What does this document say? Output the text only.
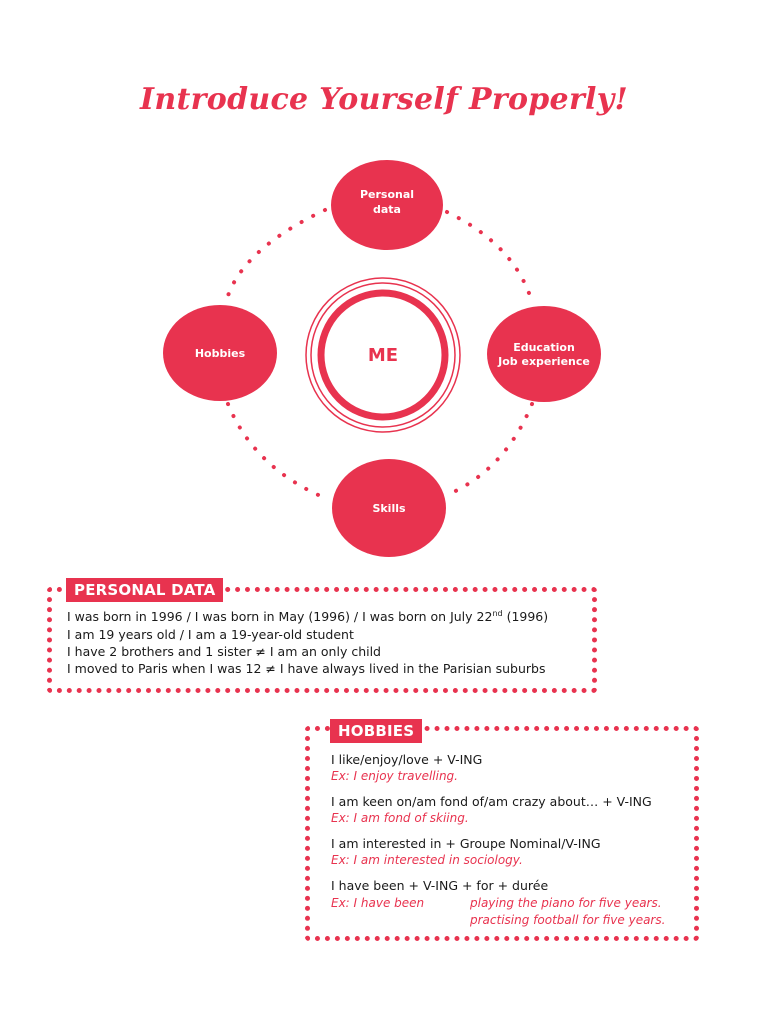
Introduce Yourself Properly!
ME
Personal
data
Hobbies	Education
Job experience
Skills
PERSONAL DATA
I was born in 1996 / I was born in May (1996) / I was born on July 22nd (1996)
I am 19 years old / I am a 19-year-old student
I have 2 brothers and 1 sister ≠ I am an only child
I moved to Paris when I was 12 ≠ I have always lived in the Parisian suburbs
HOBBIES
I like/enjoy/love + V-ING
Ex: I enjoy travelling.
I am keen on/am fond of/am crazy about… + V-ING
Ex: I am fond of skiing.
I am interested in + Groupe Nominal/V-ING
Ex: I am interested in sociology.
I have been + V-ING + for + durée
Ex: I have been	playing the piano for five years.
practising football for five years.
